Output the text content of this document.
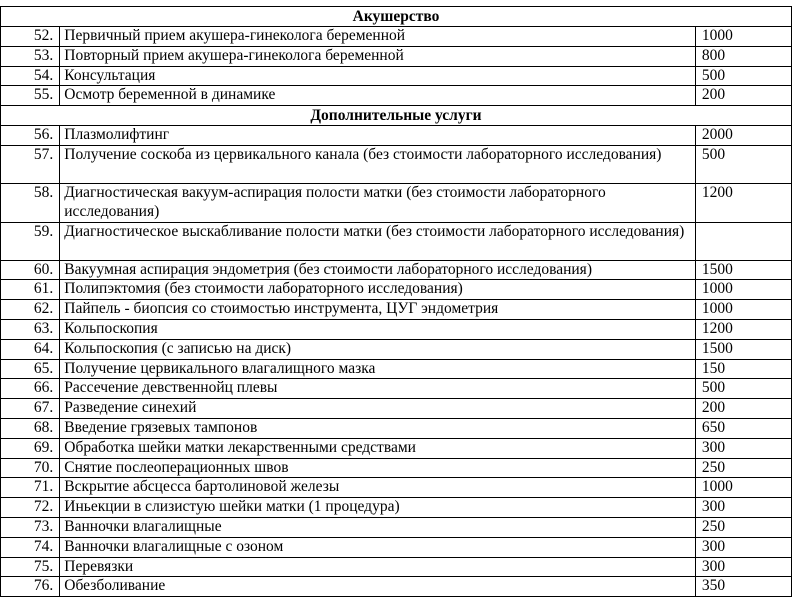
Акушерство		
52.	Первичный прием акушера-гинеколога беременной	1000
53.	Повторный прием акушера-гинеколога беременной	800
54.	Консультация	500
55.	Осмотр беременной в динамике	200
Дополнительные услуги		
56.	Плазмолифтинг	2000
57.	Получение соскоба из цервикального канала (без стоимости лабораторного исследования)	500
58.	Диагностическая вакуум-аспирация полости матки (без стоимости лабораторного исследования)	1200
59.	Диагностическое выскабливание полости матки (без стоимости лабораторного исследования)	
60.	Вакуумная аспирация эндометрия (без стоимости лабораторного исследования)	1500
61.	Полипэктомия (без стоимости лабораторного исследования)	1000
62.	Пайпель - биопсия со стоимостью инструмента, ЦУГ эндометрия	1000
63.	Кольпоскопия	1200
64.	Кольпоскопия (с записью на диск)	1500
65.	Получение цервикального влагалищного мазка	150
66.	Рассечение девственнойц плевы	500
67.	Разведение синехий	200
68.	Введение грязевых тампонов	650
69.	Обработка шейки матки лекарственными средствами	300
70.	Снятие послеоперационных швов	250
71.	Вскрытие абсцесса бартолиновой железы	1000
72.	Иньекции в слизистую шейки матки (1 процедура)	300
73.	Ванночки влагалищные	250
74.	Ванночки влагалищные с озоном	300
75.	Перевязки	300
76.	Обезболивание	350
